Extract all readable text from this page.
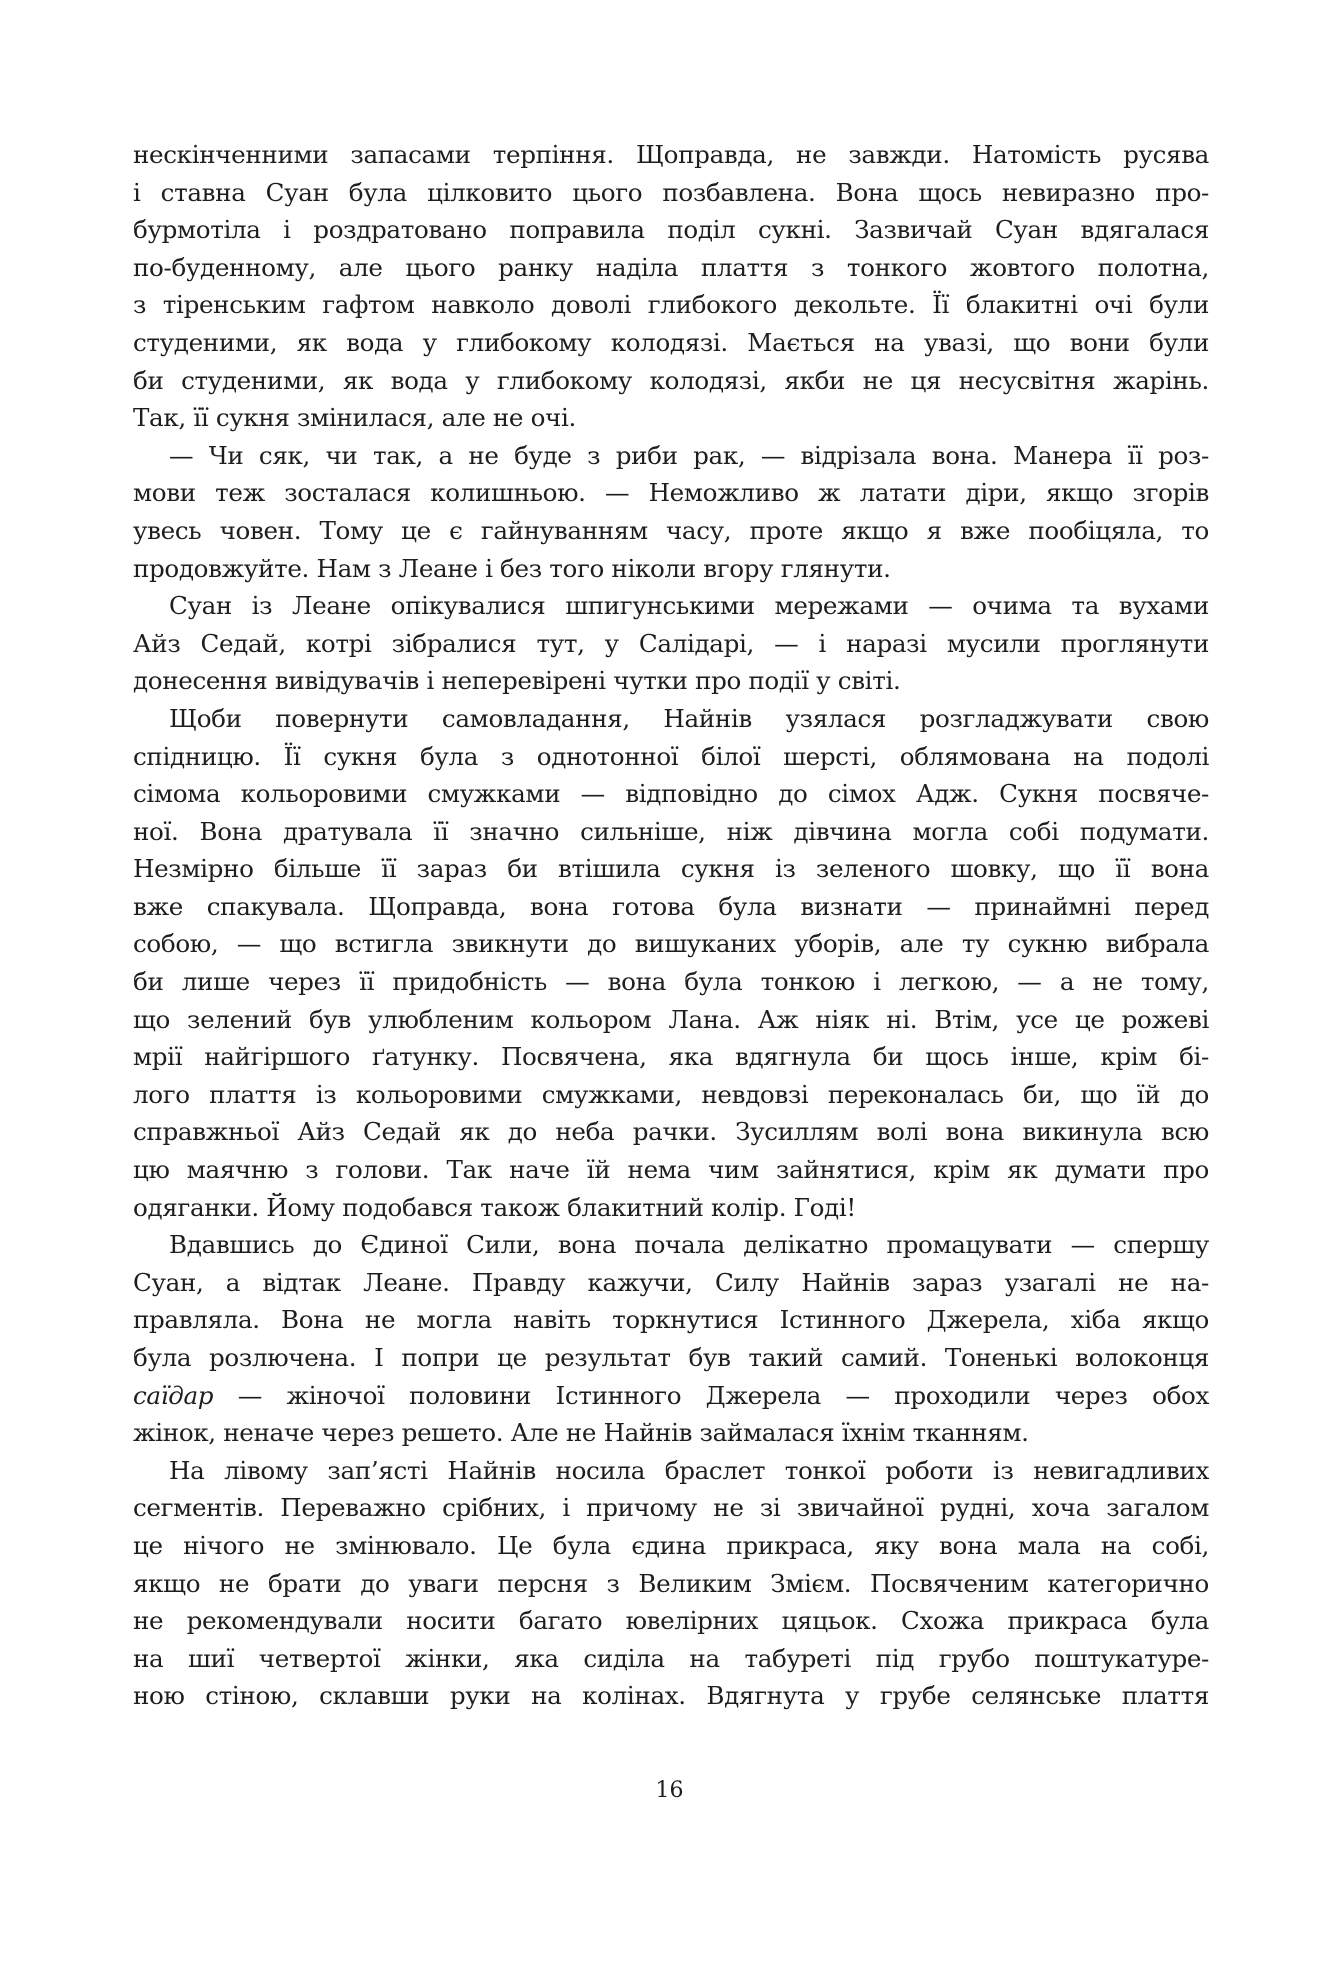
нескінченними запасами терпіння. Щоправда, не завжди. Натомість русява
і ставна Суан була цілковито цього позбавлена. Вона щось невиразно про-
бурмотіла і роздратовано поправила поділ сукні. Зазвичай Суан вдягалася
по-буденному, але цього ранку наділа плаття з тонкого жовтого полотна,
з тіренським гафтом навколо доволі глибокого декольте. Її блакитні очі були
студеними, як вода у глибокому колодязі. Мається на увазі, що вони були
би студеними, як вода у глибокому колодязі, якби не ця несусвітня жарінь.
Так, її сукня змінилася, але не очі.
— Чи сяк, чи так, а не буде з риби рак, — відрізала вона. Манера її роз-
мови теж зосталася колишньою. — Неможливо ж латати діри, якщо згорів
увесь човен. Тому це є гайнуванням часу, проте якщо я вже пообіцяла, то
продовжуйте. Нам з Леане і без того ніколи вгору глянути.
Суан із Леане опікувалися шпигунськими мережами — очима та вухами
Айз Седай, котрі зібралися тут, у Салідарі, — і наразі мусили проглянути
донесення вивідувачів і неперевірені чутки про події у світі.
Щоби повернути самовладання, Найнів узялася розгладжувати свою
спідницю. Її сукня була з однотонної білої шерсті, облямована на подолі
сімома кольоровими смужками — відповідно до сімох Адж. Сукня посвяче-
ної. Вона дратувала її значно сильніше, ніж дівчина могла собі подумати.
Незмірно більше її зараз би втішила сукня із зеленого шовку, що її вона
вже спакувала. Щоправда, вона готова була визнати — принаймні перед
собою, — що встигла звикнути до вишуканих уборів, але ту сукню вибрала
би лише через її придобність — вона була тонкою і легкою, — а не тому,
що зелений був улюбленим кольором Лана. Аж ніяк ні. Втім, усе це рожеві
мрії найгіршого ґатунку. Посвячена, яка вдягнула би щось інше, крім бі-
лого плаття із кольоровими смужками, невдовзі переконалась би, що їй до
справжньої Айз Седай як до неба рачки. Зусиллям волі вона викинула всю
цю маячню з голови. Так наче їй нема чим зайнятися, крім як думати про
одяганки. Йому подобався також блакитний колір. Годі!
Вдавшись до Єдиної Сили, вона почала делікатно промацувати — спершу
Суан, а відтак Леане. Правду кажучи, Силу Найнів зараз узагалі не на-
правляла. Вона не могла навіть торкнутися Істинного Джерела, хіба якщо
була розлючена. І попри це результат був такий самий. Тоненькі волоконця
саїдар — жіночої половини Істинного Джерела — проходили через обох
жінок, неначе через решето. Але не Найнів займалася їхнім тканням.
На лівому зап’ясті Найнів носила браслет тонкої роботи із невигадливих
сегментів. Переважно срібних, і причому не зі звичайної рудні, хоча загалом
це нічого не змінювало. Це була єдина прикраса, яку вона мала на собі,
якщо не брати до уваги персня з Великим Змієм. Посвяченим категорично
не рекомендували носити багато ювелірних цяцьок. Схожа прикраса була
на шиї четвертої жінки, яка сиділа на табуреті під грубо поштукатуре-
ною стіною, склавши руки на колінах. Вдягнута у грубе селянське плаття
16
